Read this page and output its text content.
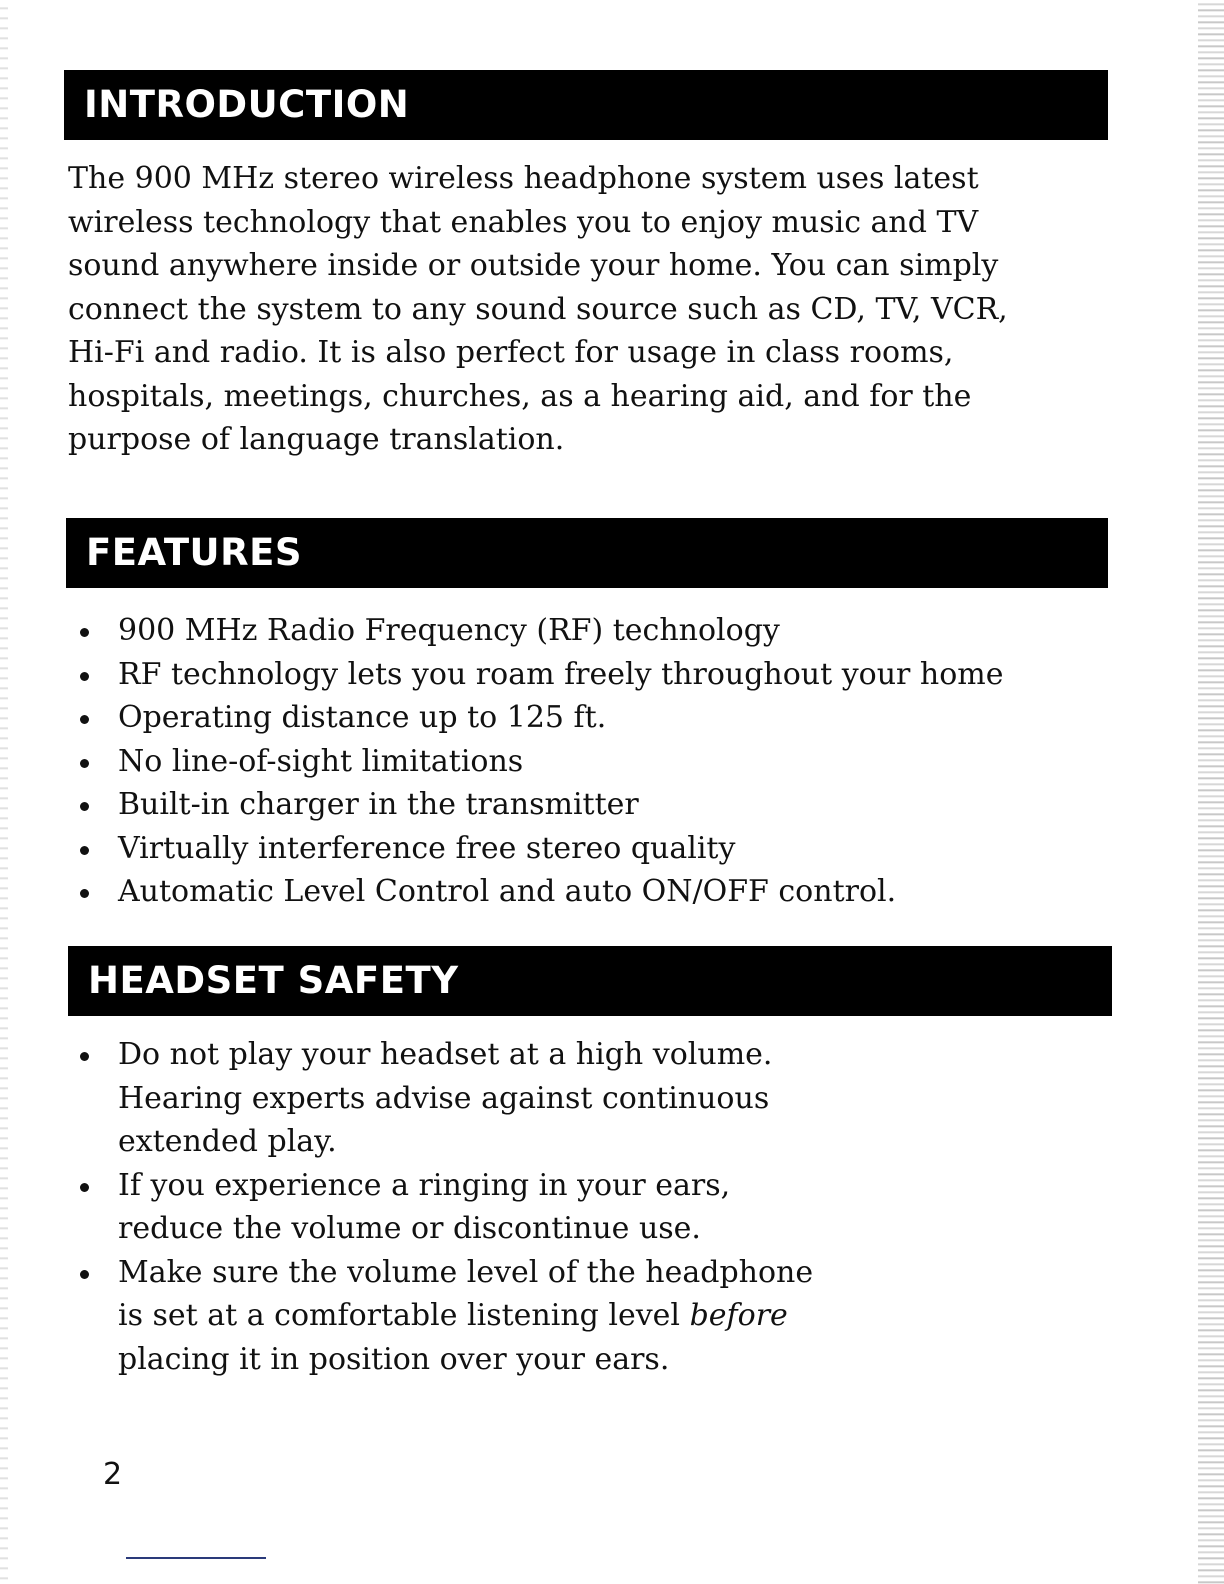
INTRODUCTION

The 900 MHz stereo wireless headphone system uses latest
wireless technology that enables you to enjoy music and TV
sound anywhere inside or outside your home. You can simply
connect the system to any sound source such as CD, TV, VCR,
Hi-Fi and radio. It is also perfect for usage in class rooms,
hospitals, meetings, churches, as a hearing aid, and for the
purpose of language translation.

FEATURES
900 MHz Radio Frequency (RF) technology
RF technology lets you roam freely throughout your home
Operating distance up to 125 ft.
No line-of-sight limitations
Built-in charger in the transmitter
Virtually interference free stereo quality
Automatic Level Control and auto ON/OFF control.
HEADSET SAFETY
Do not play your headset at a high volume.
Hearing experts advise against continuous
extended play.
If you experience a ringing in your ears,
reduce the volume or discontinue use.
Make sure the volume level of the headphone
is set at a comfortable listening level before
placing it in position over your ears.
2
